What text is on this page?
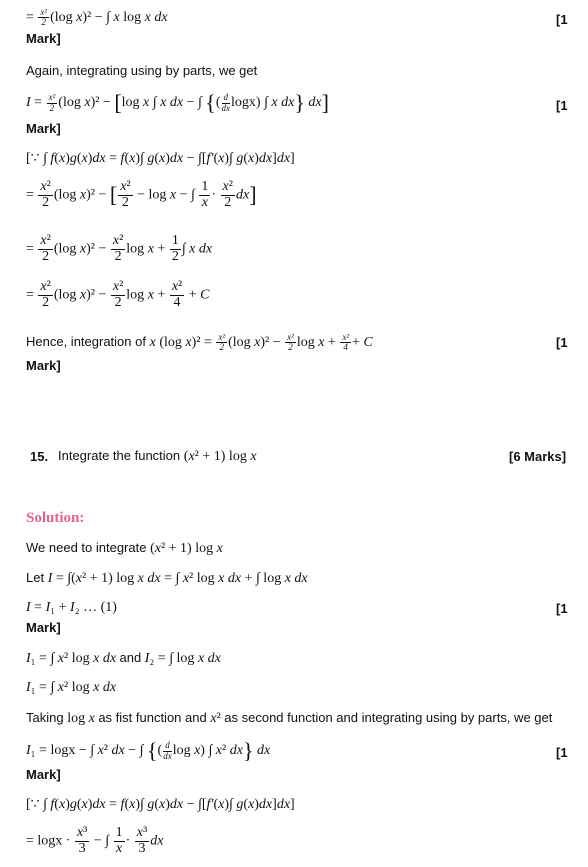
= $\frac{\text{x²}}{2} (\log$ x)² − ∫ x log x dx	[1
Mark]
Again, integrating using by parts, we get
$I = \frac{\text{x²}}{2} (\log$ x)² − [log x ∫ x dx − ∫ {( $\frac{d}{dx} \log x$) ∫ x dx} dx]	[1
Mark]
[∵ ∫ f(x)g(x)dx = f(x)∫ g(x)dx − ∫[f′(x)∫ g(x)dx]dx]
= $\frac{\text{x²}}{2} (\log$ x)² − [ $\frac{\text{x²}}{2} - \log x$ − ∫ $\frac{1}{x} \cdot \frac{\text{x²}}{2} dx$]
= $\frac{\text{x²}}{2} (\log$ $x)^2 - \frac{\text{x²}}{2}$ $\log x + \frac{1}{2}$ ∫ x dx
= $\frac{\text{x²}}{2} (\log$ $x)^2 - \frac{\text{x²}}{2}$ $\log x + \frac{\text{x²}}{4} + C$
Hence, integration of x (log $x)^2 = \frac{\text{x²}}{2} (\log$ $x)^2 - \frac{\text{x²}}{2}$ $\log x + \frac{\text{x²}}{4} + C$	[1
Mark]
15. Integrate the function (x² + 1) log x	[6 Marks]
Solution:
We need to integrate (x² + 1) log x
Let I = ∫(x² + 1) log x dx = ∫ x² log x dx + ∫ log x dx
I = I₁ + I₂ … (1)	[1
Mark]
I₁ = ∫ x² log x dx and I₂ = ∫ log x dx
I₁ = ∫ x² log x dx
Taking log x as fist function and x² as second function and integrating using by parts, we get
I₁ = logx − ∫ x² dx − ∫ {( $\frac{d}{dx}$ log x) ∫ x² dx} dx	[1
Mark]
[∵ ∫ f(x)g(x)dx = f(x)∫ g(x)dx − ∫[f′(x)∫ g(x)dx]dx]
= $\log x \cdot \frac{\text{x³}}{3}$ − ∫ $\frac{1}{x} \cdot \frac{\text{x³}}{3}$ dx
